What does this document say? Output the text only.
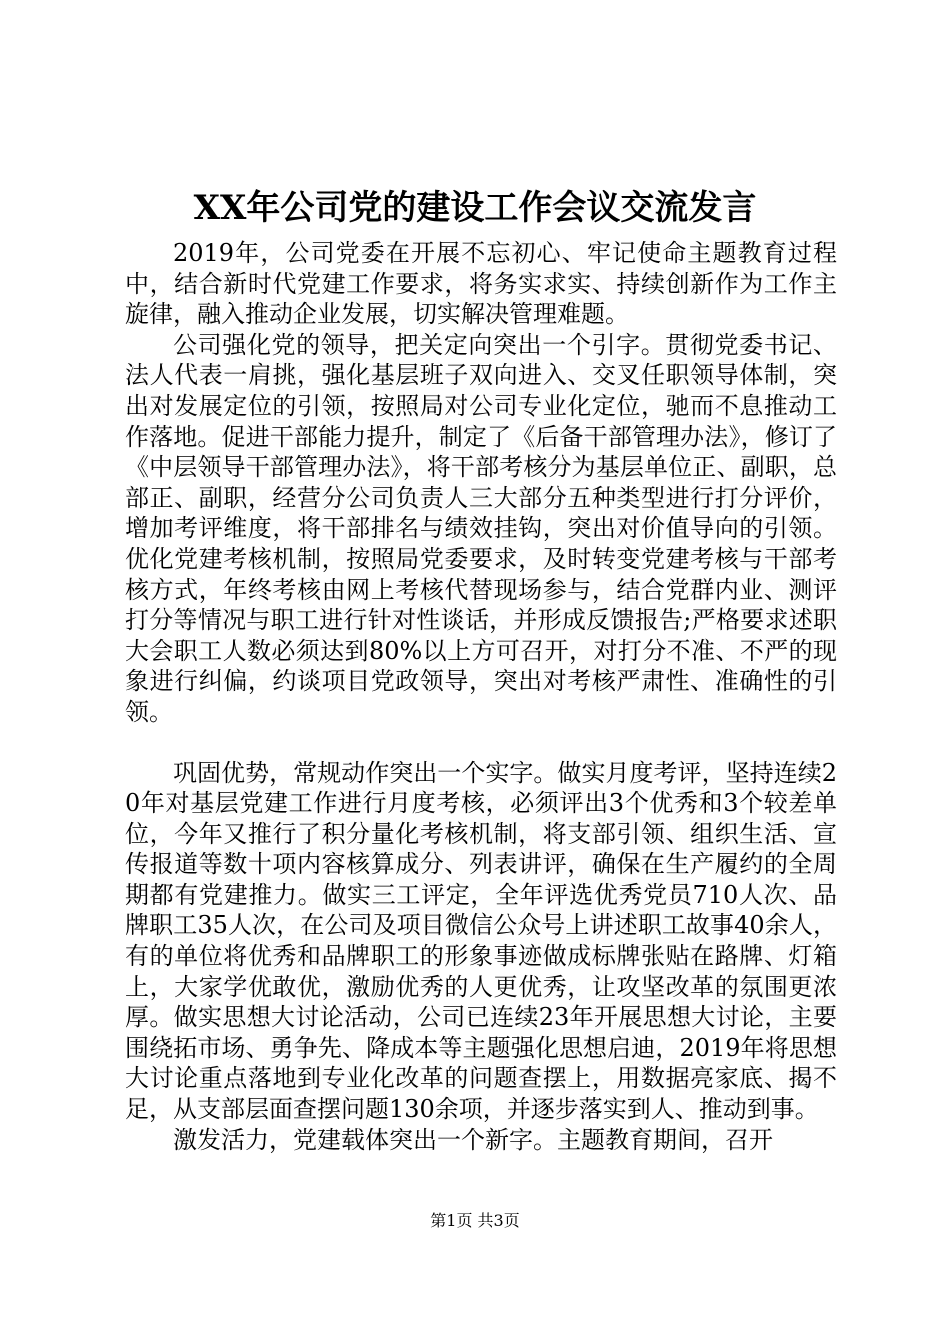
XX年公司党的建设工作会议交流发言

2019年，公司党委在开展不忘初心、牢记使命主题教育过程中，结合新时代党建工作要求，将务实求实、持续创新作为工作主旋律，融入推动企业发展，切实解决管理难题。

公司强化党的领导，把关定向突出一个引字。贯彻党委书记、法人代表一肩挑，强化基层班子双向进入、交叉任职领导体制，突出对发展定位的引领，按照局对公司专业化定位，驰而不息推动工作落地。促进干部能力提升，制定了《后备干部管理办法》，修订了《中层领导干部管理办法》，将干部考核分为基层单位正、副职，总部正、副职，经营分公司负责人三大部分五种类型进行打分评价，增加考评维度，将干部排名与绩效挂钩，突出对价值导向的引领。优化党建考核机制，按照局党委要求，及时转变党建考核与干部考核方式，年终考核由网上考核代替现场参与，结合党群内业、测评打分等情况与职工进行针对性谈话，并形成反馈报告;严格要求述职大会职工人数必须达到80%以上方可召开，对打分不准、不严的现象进行纠偏，约谈项目党政领导，突出对考核严肃性、准确性的引领。

巩固优势，常规动作突出一个实字。做实月度考评，坚持连续20年对基层党建工作进行月度考核，必须评出3个优秀和3个较差单位，今年又推行了积分量化考核机制，将支部引领、组织生活、宣传报道等数十项内容核算成分、列表讲评，确保在生产履约的全周期都有党建推力。做实三工评定，全年评选优秀党员710人次、品牌职工35人次，在公司及项目微信公众号上讲述职工故事40余人，有的单位将优秀和品牌职工的形象事迹做成标牌张贴在路牌、灯箱上，大家学优敢优，激励优秀的人更优秀，让攻坚改革的氛围更浓厚。做实思想大讨论活动，公司已连续23年开展思想大讨论，主要围绕拓市场、勇争先、降成本等主题强化思想启迪，2019年将思想大讨论重点落地到专业化改革的问题查摆上，用数据亮家底、揭不足，从支部层面查摆问题130余项，并逐步落实到人、推动到事。

激发活力，党建载体突出一个新字。主题教育期间，召开

第1页 共3页
